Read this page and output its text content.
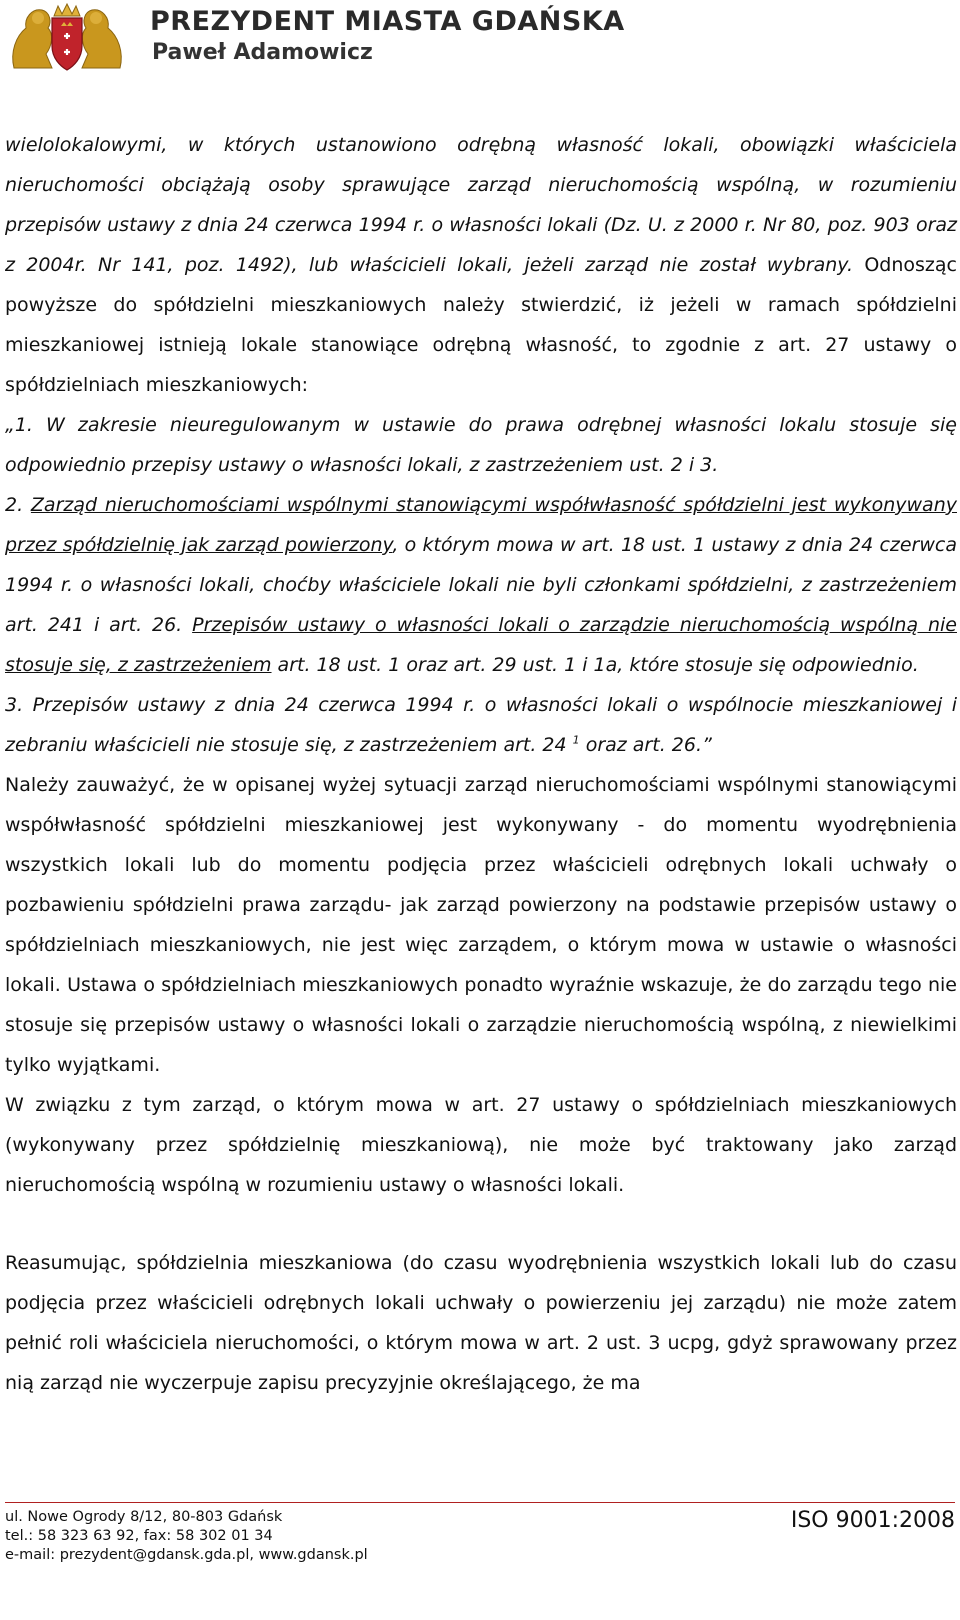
PREZYDENT MIASTA GDAŃSKA
Paweł Adamowicz

wielolokalowymi, w których ustanowiono odrębną własność lokali, obowiązki właściciela nieruchomości obciążają osoby sprawujące zarząd nieruchomością wspólną, w rozumieniu przepisów ustawy z dnia 24 czerwca 1994 r. o własności lokali (Dz. U. z 2000 r. Nr 80, poz. 903 oraz z 2004r. Nr 141, poz. 1492), lub właścicieli lokali, jeżeli zarząd nie został wybrany. Odnosząc powyższe do spółdzielni mieszkaniowych należy stwierdzić, iż jeżeli w ramach spółdzielni mieszkaniowej istnieją lokale stanowiące odrębną własność, to zgodnie z art. 27 ustawy o spółdzielniach mieszkaniowych:

„1. W zakresie nieuregulowanym w ustawie do prawa odrębnej własności lokalu stosuje się odpowiednio przepisy ustawy o własności lokali, z zastrzeżeniem ust. 2 i 3.

2. Zarząd nieruchomościami wspólnymi stanowiącymi współwłasność spółdzielni jest wykonywany przez spółdzielnię jak zarząd powierzony, o którym mowa w art. 18 ust. 1 ustawy z dnia 24 czerwca 1994 r. o własności lokali, choćby właściciele lokali nie byli członkami spółdzielni, z zastrzeżeniem art. 241 i art. 26. Przepisów ustawy o własności lokali o zarządzie nieruchomością wspólną nie stosuje się, z zastrzeżeniem art. 18 ust. 1 oraz art. 29 ust. 1 i 1a, które stosuje się odpowiednio.

3. Przepisów ustawy z dnia 24 czerwca 1994 r. o własności lokali o wspólnocie mieszkaniowej i zebraniu właścicieli nie stosuje się, z zastrzeżeniem art. 24 $^1$ oraz art. 26.”

Należy zauważyć, że w opisanej wyżej sytuacji zarząd nieruchomościami wspólnymi stanowiącymi współwłasność spółdzielni mieszkaniowej jest wykonywany - do momentu wyodrębnienia wszystkich lokali lub do momentu podjęcia przez właścicieli odrębnych lokali uchwały o pozbawieniu spółdzielni prawa zarządu- jak zarząd powierzony na podstawie przepisów ustawy o spółdzielniach mieszkaniowych, nie jest więc zarządem, o którym mowa w ustawie o własności lokali. Ustawa o spółdzielniach mieszkaniowych ponadto wyraźnie wskazuje, że do zarządu tego nie stosuje się przepisów ustawy o własności lokali o zarządzie nieruchomością wspólną, z niewielkimi tylko wyjątkami.

W związku z tym zarząd, o którym mowa w art. 27 ustawy o spółdzielniach mieszkaniowych (wykonywany przez spółdzielnię mieszkaniową), nie może być traktowany jako zarząd nieruchomością wspólną w rozumieniu ustawy o własności lokali.

Reasumując, spółdzielnia mieszkaniowa (do czasu wyodrębnienia wszystkich lokali lub do czasu podjęcia przez właścicieli odrębnych lokali uchwały o powierzeniu jej zarządu) nie może zatem pełnić roli właściciela nieruchomości, o którym mowa w art. 2 ust. 3 ucpg, gdyż sprawowany przez nią zarząd nie wyczerpuje zapisu precyzyjnie określającego, że ma

ul. Nowe Ogrody 8/12, 80-803 Gdańsk
tel.: 58 323 63 92, fax: 58 302 01 34
e-mail: prezydent@gdansk.gda.pl, www.gdansk.pl
ISO 9001:2008
